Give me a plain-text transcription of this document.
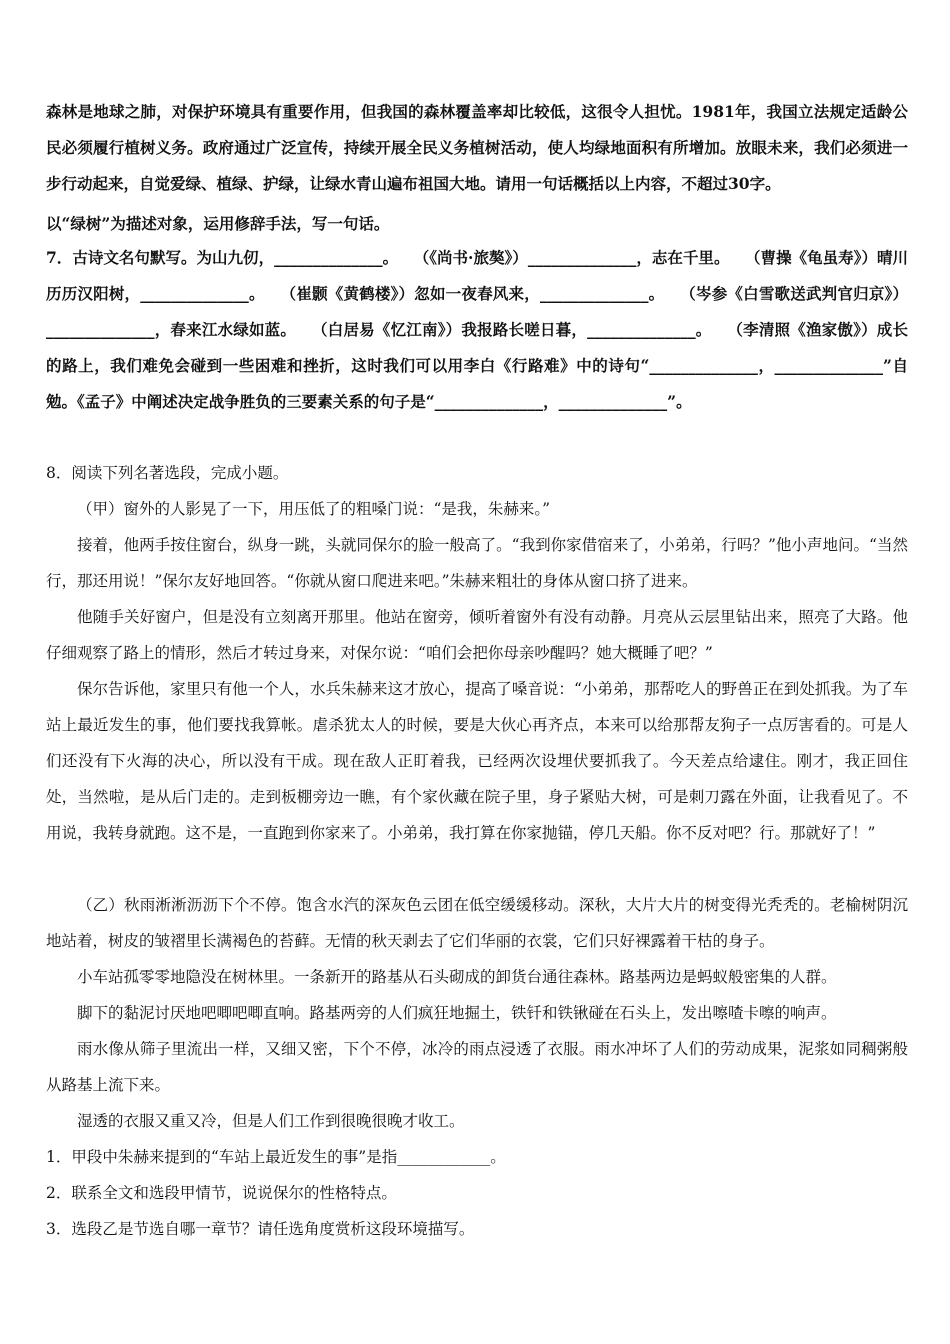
森林是地球之肺，对保护环境具有重要作用，但我国的森林覆盖率却比较低，这很令人担忧。1981年，我国立法规定适龄公民必须履行植树义务。政府通过广泛宣传，持续开展全民义务植树活动，使人均绿地面积有所增加。放眼未来，我们必须进一步行动起来，自觉爱绿、植绿、护绿，让绿水青山遍布祖国大地。请用一句话概括以上内容，不超过30字。
以“绿树”为描述对象，运用修辞手法，写一句话。
7．古诗文名句默写。为山九仞，______________。　　（《尚书·旅獒》）______________，志在千里。　　（曹操《龟虽寿》）晴川历历汉阳树，______________。　　（崔颢《黄鹤楼》）忽如一夜春风来，______________。　　（岑参《白雪歌送武判官归京》）______________，春来江水绿如蓝。　　（白居易《忆江南》）我报路长嗟日暮，______________。　　（李清照《渔家傲》）成长的路上，我们难免会碰到一些困难和挫折，这时我们可以用李白《行路难》中的诗句“______________，______________”自勉。《孟子》中阐述决定战争胜负的三要素关系的句子是“______________，______________”。
8．阅读下列名著选段，完成小题。
（甲）窗外的人影晃了一下，用压低了的粗嗓门说：“是我，朱赫来。”
接着，他两手按住窗台，纵身一跳，头就同保尔的脸一般高了。“我到你家借宿来了，小弟弟，行吗？”他小声地问。“当然行，那还用说！”保尔友好地回答。“你就从窗口爬进来吧。”朱赫来粗壮的身体从窗口挤了进来。
他随手关好窗户，但是没有立刻离开那里。他站在窗旁，倾听着窗外有没有动静。月亮从云层里钻出来，照亮了大路。他仔细观察了路上的情形，然后才转过身来，对保尔说：“咱们会把你母亲吵醒吗？她大概睡了吧？”
保尔告诉他，家里只有他一个人，水兵朱赫来这才放心，提高了嗓音说：“小弟弟，那帮吃人的野兽正在到处抓我。为了车站上最近发生的事，他们要找我算帐。虐杀犹太人的时候，要是大伙心再齐点，本来可以给那帮友狗子一点厉害看的。可是人们还没有下火海的决心，所以没有干成。现在敌人正盯着我，已经两次设埋伏要抓我了。今天差点给逮住。刚才，我正回住处，当然啦，是从后门走的。走到板棚旁边一瞧，有个家伙藏在院子里，身子紧贴大树，可是刺刀露在外面，让我看见了。不用说，我转身就跑。这不是，一直跑到你家来了。小弟弟，我打算在你家抛锚，停几天船。你不反对吧？行。那就好了！”
（乙）秋雨淅淅沥沥下个不停。饱含水汽的深灰色云团在低空缓缓移动。深秋，大片大片的树变得光秃秃的。老榆树阴沉地站着，树皮的皱褶里长满褐色的苔藓。无情的秋天剥去了它们华丽的衣裳，它们只好裸露着干枯的身子。
小车站孤零零地隐没在树林里。一条新开的路基从石头砌成的卸货台通往森林。路基两边是蚂蚁般密集的人群。
脚下的黏泥讨厌地吧唧吧唧直响。路基两旁的人们疯狂地掘土，铁钎和铁锹碰在石头上，发出嚓喳卡嚓的响声。
雨水像从筛子里流出一样，又细又密，下个不停，冰冷的雨点浸透了衣服。雨水冲坏了人们的劳动成果，泥浆如同稠粥般从路基上流下来。
湿透的衣服又重又冷，但是人们工作到很晚很晚才收工。
1．甲段中朱赫来提到的“车站上最近发生的事”是指____________。
2．联系全文和选段甲情节，说说保尔的性格特点。
3．选段乙是节选自哪一章节？请任选角度赏析这段环境描写。
